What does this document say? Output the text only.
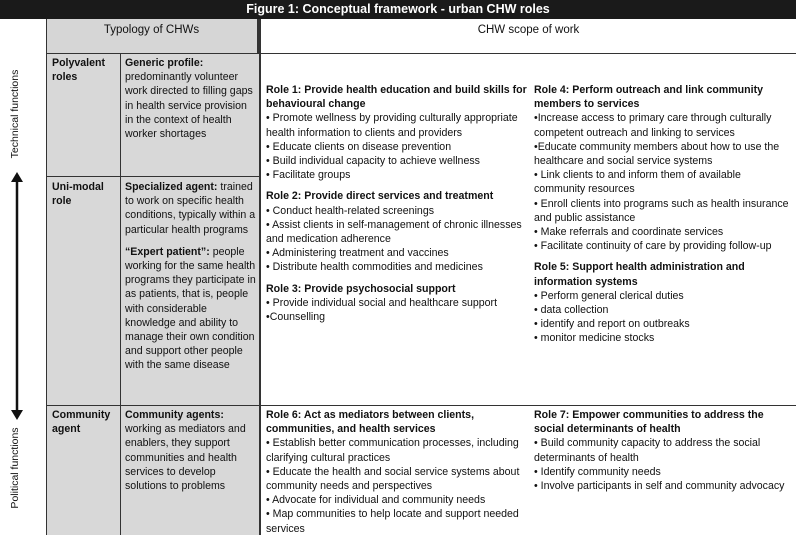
Figure 1: Conceptual framework - urban CHW roles
Technical functions
Political functions
Typology of CHWs	CHW scope of work
Polyvalent
roles
Generic profile: predominantly volunteer work directed to filling gaps in health service provision in the context of health worker shortages
Uni-modal
role
Specialized agent: trained to work on specific health conditions, typically within a particular health programs
“Expert patient”: people working for the same health programs they participate in as patients, that is, people with considerable knowledge and ability to manage their own condition and support other people with the same disease
Community
agent
Community agents: working as mediators and enablers, they support communities and health services to develop solutions to problems
Role 1: Provide health education and build skills for behavioural change
• Promote wellness by providing culturally appropriate health information to clients and providers
• Educate clients on disease prevention
• Build individual capacity to achieve wellness
• Facilitate groups
Role 2: Provide direct services and treatment
• Conduct health-related screenings
• Assist clients in self-management of chronic illnesses and medication adherence
• Administering treatment and vaccines
• Distribute health commodities and medicines
Role 3: Provide psychosocial support
• Provide individual social and healthcare support
•Counselling
Role 4: Perform outreach and link community members to services
•Increase access to primary care through culturally competent outreach and linking to services
•Educate community members about how to use the healthcare and social service systems
• Link clients to and inform them of available community resources
• Enroll clients into programs such as health insurance and public assistance
• Make referrals and coordinate services
• Facilitate continuity of care by providing follow-up
Role 5: Support health administration and information systems
• Perform general clerical duties
• data collection
• identify and report on outbreaks
• monitor medicine stocks
Role 6: Act as mediators between clients, communities, and health services
• Establish better communication processes, including clarifying cultural practices
• Educate the health and social service systems about community needs and perspectives
• Advocate for individual and community needs
• Map communities to help locate and support needed services
Role 7: Empower communities to address the social determinants of health
• Build community capacity to address the social determinants of health
• Identify community needs
• Involve participants in self and community advocacy
